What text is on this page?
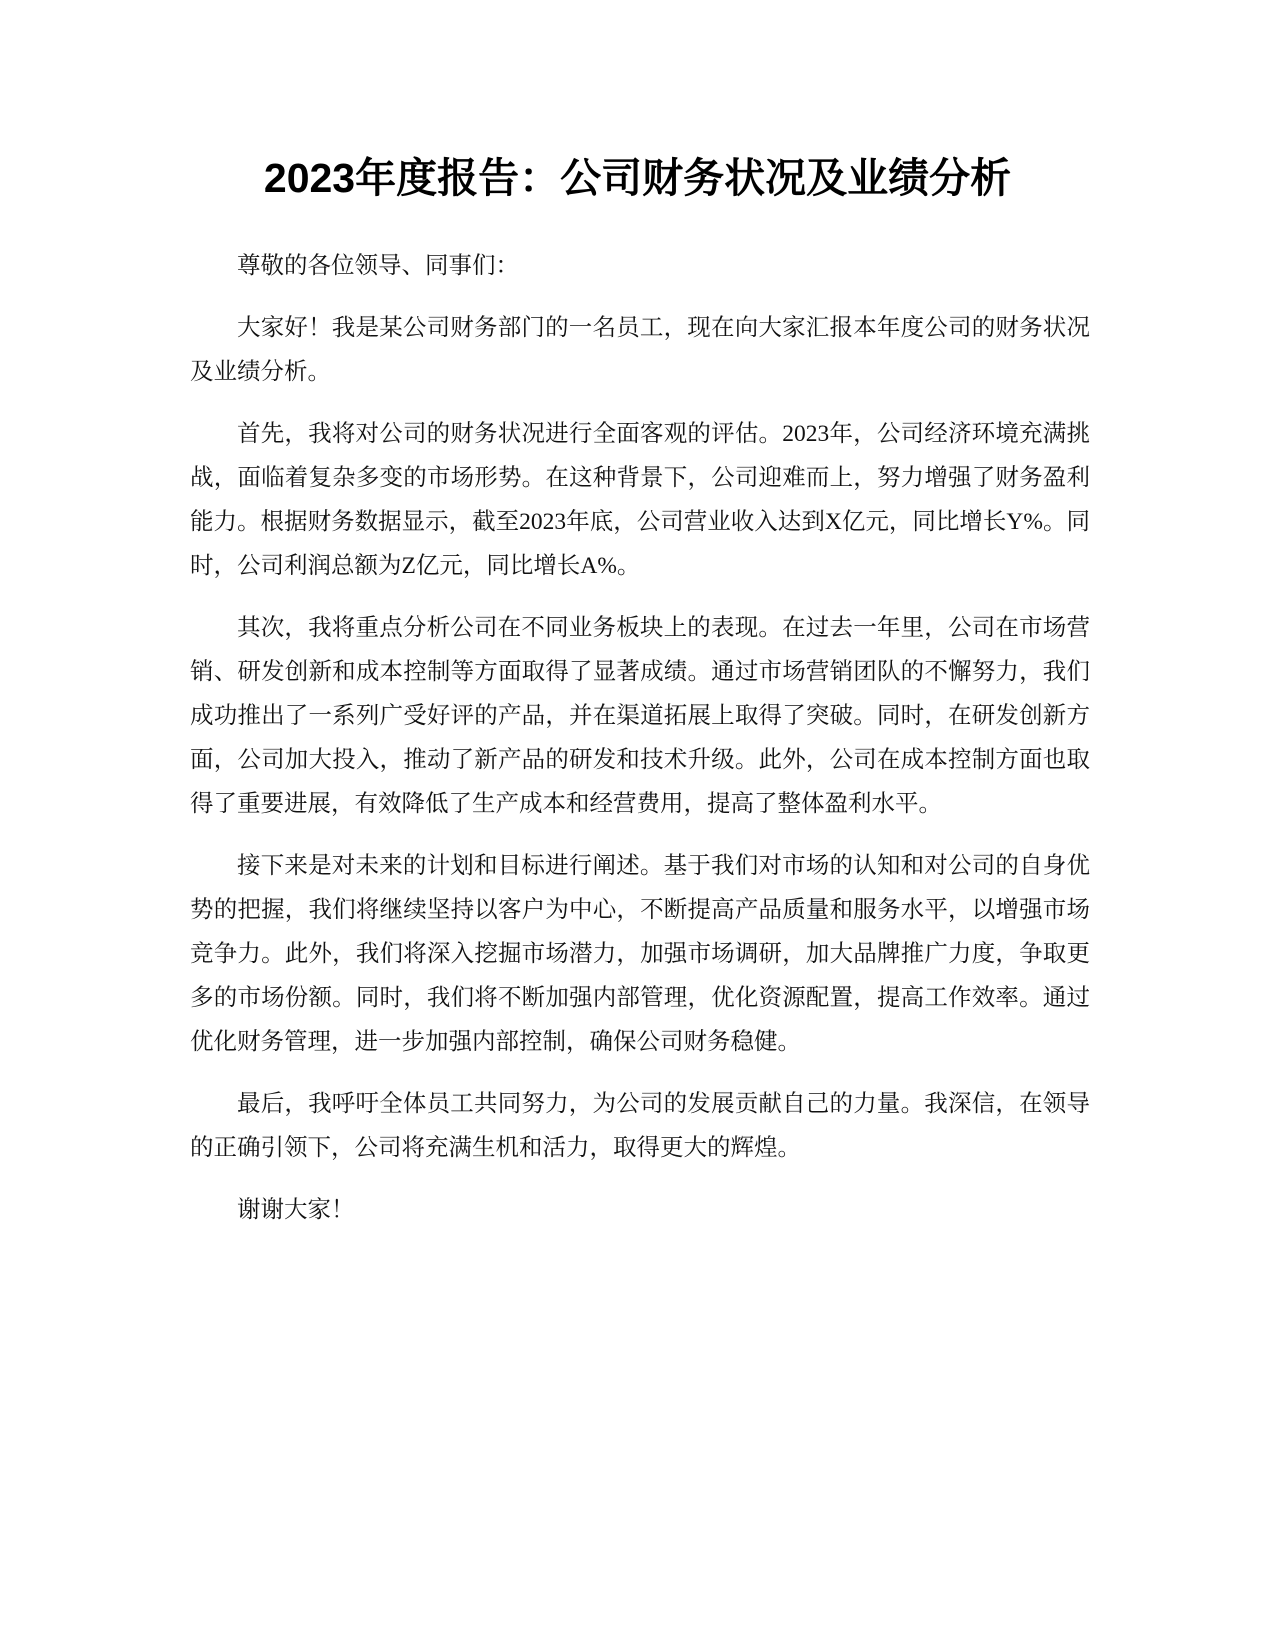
2023年度报告：公司财务状况及业绩分析

尊敬的各位领导、同事们：

大家好！我是某公司财务部门的一名员工，现在向大家汇报本年度公司的财务状况及业绩分析。

首先，我将对公司的财务状况进行全面客观的评估。2023年，公司经济环境充满挑战，面临着复杂多变的市场形势。在这种背景下，公司迎难而上，努力增强了财务盈利能力。根据财务数据显示，截至2023年底，公司营业收入达到X亿元，同比增长Y%。同时，公司利润总额为Z亿元，同比增长A%。

其次，我将重点分析公司在不同业务板块上的表现。在过去一年里，公司在市场营销、研发创新和成本控制等方面取得了显著成绩。通过市场营销团队的不懈努力，我们成功推出了一系列广受好评的产品，并在渠道拓展上取得了突破。同时，在研发创新方面，公司加大投入，推动了新产品的研发和技术升级。此外，公司在成本控制方面也取得了重要进展，有效降低了生产成本和经营费用，提高了整体盈利水平。

接下来是对未来的计划和目标进行阐述。基于我们对市场的认知和对公司的自身优势的把握，我们将继续坚持以客户为中心，不断提高产品质量和服务水平，以增强市场竞争力。此外，我们将深入挖掘市场潜力，加强市场调研，加大品牌推广力度，争取更多的市场份额。同时，我们将不断加强内部管理，优化资源配置，提高工作效率。通过优化财务管理，进一步加强内部控制，确保公司财务稳健。

最后，我呼吁全体员工共同努力，为公司的发展贡献自己的力量。我深信，在领导的正确引领下，公司将充满生机和活力，取得更大的辉煌。

谢谢大家！
